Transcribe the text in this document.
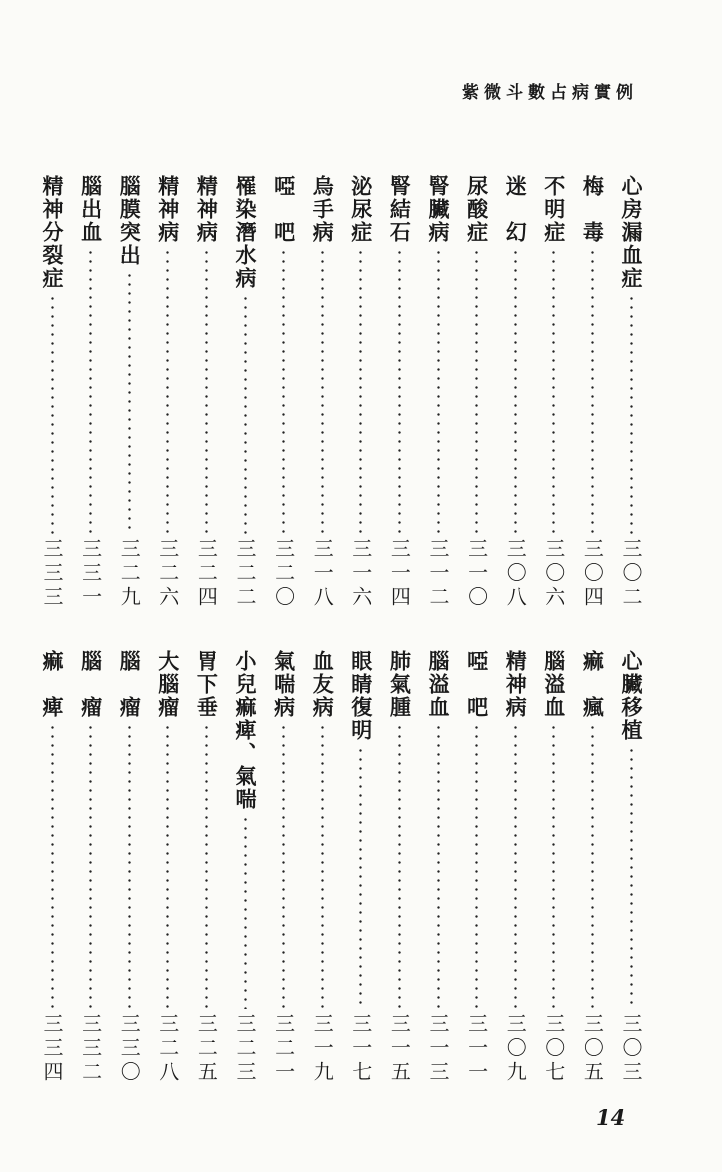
紫微斗數占病實例
心房漏血症
三〇二
梅　毒
三〇四
不明症
三〇六
迷　幻
三〇八
尿酸症
三一〇
腎臟病
三一二
腎結石
三一四
泌尿症
三一六
烏手病
三一八
啞　吧
三二〇
罹染潛水病
三二二
精神病
三二四
精神病
三二六
腦膜突出
三二九
腦出血
三三一
精神分裂症
三三三
心臟移植
三〇三
痲　瘋
三〇五
腦溢血
三〇七
精神病
三〇九
啞　吧
三一一
腦溢血
三一三
肺氣腫
三一五
眼睛復明
三一七
血友病
三一九
氣喘病
三二一
小兒痲痺、氣喘
三二三
胃下垂
三二五
大腦瘤
三二八
腦　瘤
三三〇
腦　瘤
三三二
痲　痺
三三四
14
